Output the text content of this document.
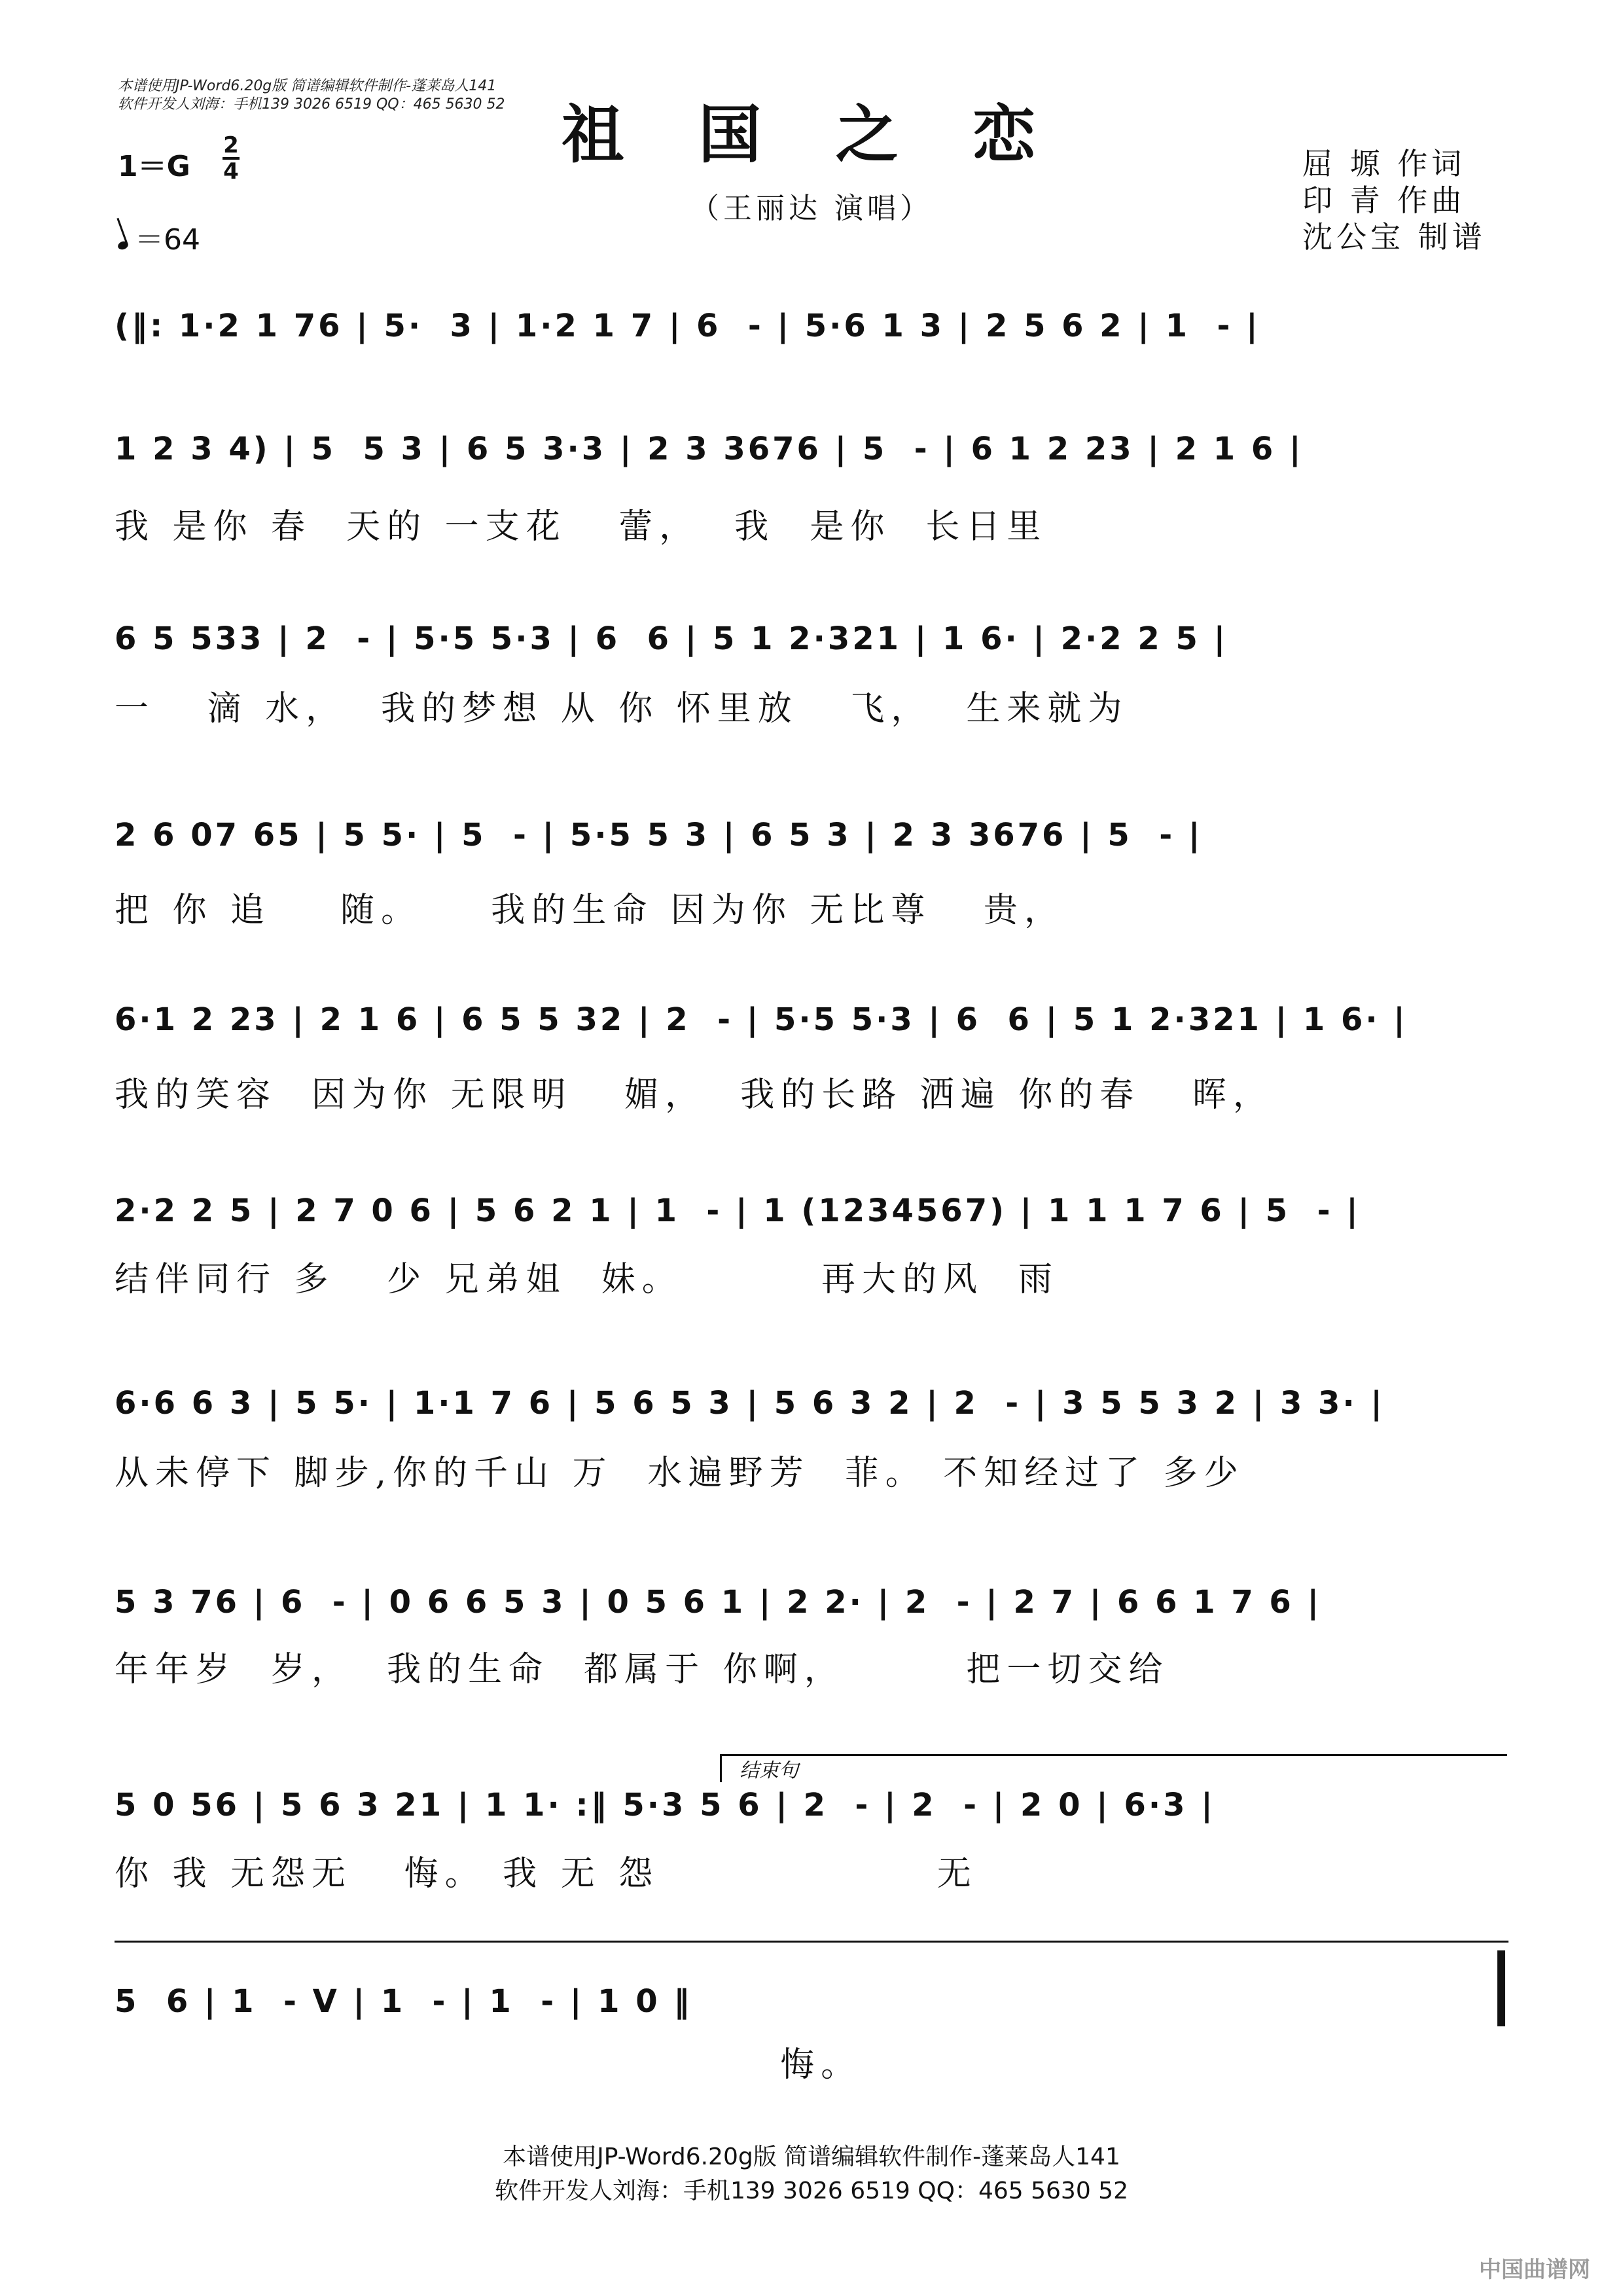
本谱使用JP-Word6.20g版 简谱编辑软件制作-蓬莱岛人141
软件开发人刘海：手机139 3026 6519 QQ：465 5630 52 祖 国 之 恋
（王丽达 演唱）
屈 塬 作词
印 青 作曲
沈公宝 制谱
1＝G
2
4
＝64
(‖: 1·2 1 76 | 5·  3 | 1·2 1 7 | 6  - | 5·6 1 3 | 2 5 6 2 | 1  - |
1 2 3 4) | 5  5 3 | 6 5 3·3 | 2 3 3676 | 5  - | 6 1 2 23 | 2 1 6 |
我 是你 春  天的 一支花   蕾，  我  是你  长日里
6 5 533 | 2  - | 5·5 5·3 | 6  6 | 5 1 2·321 | 1 6· | 2·2 2 5 |
一   滴 水，  我的梦想 从 你 怀里放   飞，  生来就为
2 6 07 65 | 5 5· | 5  - | 5·5 5 3 | 6 5 3 | 2 3 3676 | 5  - |
把 你 追    随。    我的生命 因为你 无比尊   贵，
6·1 2 23 | 2 1 6 | 6 5 5 32 | 2  - | 5·5 5·3 | 6  6 | 5 1 2·321 | 1 6· |
我的笑容  因为你 无限明   媚，  我的长路 洒遍 你的春   晖，
2·2 2 5 | 2 7 0 6 | 5 6 2 1 | 1  - | 1 (1234567) | 1 1 1 7 6 | 5  - |
结伴同行 多   少 兄弟姐  妹。        再大的风  雨
6·6 6 3 | 5 5· | 1·1 7 6 | 5 6 5 3 | 5 6 3 2 | 2  - | 3 5 5 3 2 | 3 3· |
从未停下 脚步,你的千山 万  水遍野芳  菲。 不知经过了 多少
5 3 76 | 6  - | 0 6 6 5 3 | 0 5 6 1 | 2 2· | 2  - | 2 7 | 6 6 1 7 6 |
年年岁  岁，  我的生命  都属于 你啊，       把一切交给
结束句
5 0 56 | 5 6 3 21 | 1 1· :‖ 5·3 5 6 | 2  - | 2  - | 2 0 | 6·3 |
你 我 无怨无   悔。 我 无 怨                无
5  6 | 1  - V | 1  - | 1  - | 1 0 ‖
悔。
本谱使用JP-Word6.20g版 简谱编辑软件制作-蓬莱岛人141
软件开发人刘海：手机139 3026 6519 QQ：465 5630 52
中国曲谱网
